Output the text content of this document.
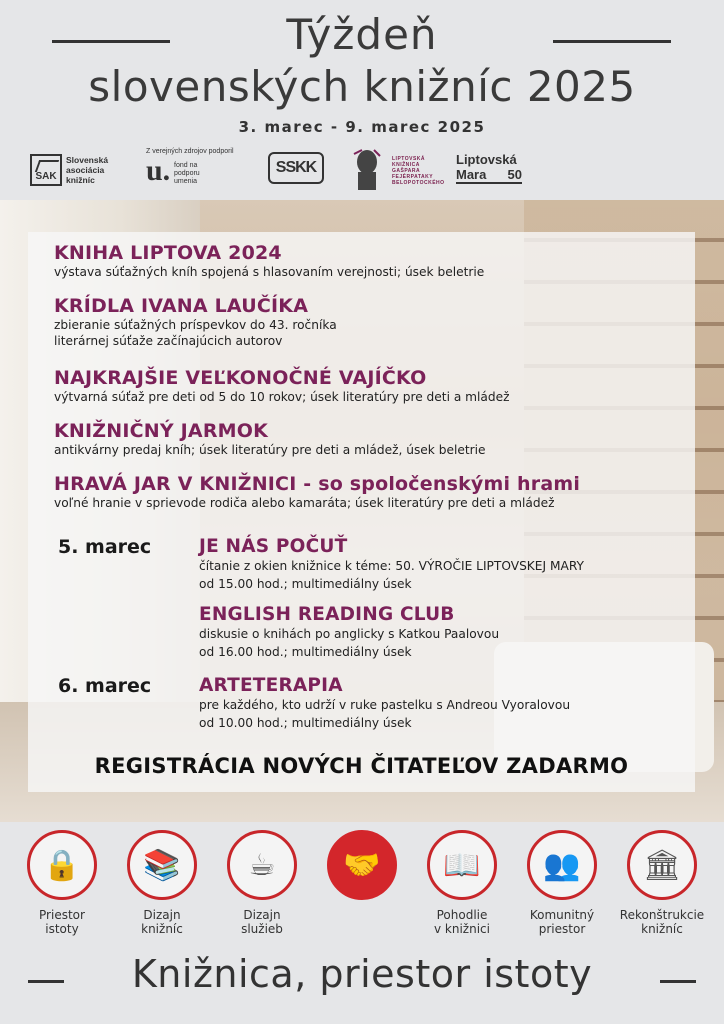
Týždeň
slovenských knižníc 2025
3. marec - 9. marec 2025
SAK
Slovenská asociácia knižníc
Z verejných zdrojov podporil
u. fond na podporu umenia
SSKK	LIPTOVSKÁ KNIŽNICA GAŠPARA FEJÉRPATAKY BELOPOTOCKÉHO
Liptovská
Mara 50
KNIHA LIPTOVA 2024
výstava súťažných kníh spojená s hlasovaním verejnosti; úsek beletrie
KRÍDLA IVANA LAUČÍKA
zbieranie súťažných príspevkov do 43. ročníka
literárnej súťaže začínajúcich autorov
NAJKRAJŠIE VEĽKONOČNÉ VAJÍČKO
výtvarná súťaž pre deti od 5 do 10 rokov; úsek literatúry pre deti a mládež
KNIŽNIČNÝ JARMOK
antikvárny predaj kníh; úsek literatúry pre deti a mládež, úsek beletrie
HRAVÁ JAR V KNIŽNICI - so spoločenskými hrami
voľné hranie v sprievode rodiča alebo kamaráta; úsek literatúry pre deti a mládež
5. marec	JE NÁS POČUŤ
čítanie z okien knižnice k téme: 50. VÝROČIE LIPTOVSKEJ MARY
od 15.00 hod.; multimediálny úsek
ENGLISH READING CLUB
diskusie o knihách po anglicky s Katkou Paalovou
od 16.00 hod.; multimediálny úsek
6. marec	ARTETERAPIA
pre každého, kto udrží v ruke pastelku s Andreou Vyoralovou
od 10.00 hod.; multimediálny úsek
REGISTRÁCIA NOVÝCH ČITATEĽOV ZADARMO
🔒
Priestor
istoty
📚
Dizajn
knižníc
☕
Dizajn
služieb
🤝 📖
Pohodlie
v knižnici
👥
Komunitný
priestor
🏛
Rekonštrukcie
knižníc
Knižnica, priestor istoty
